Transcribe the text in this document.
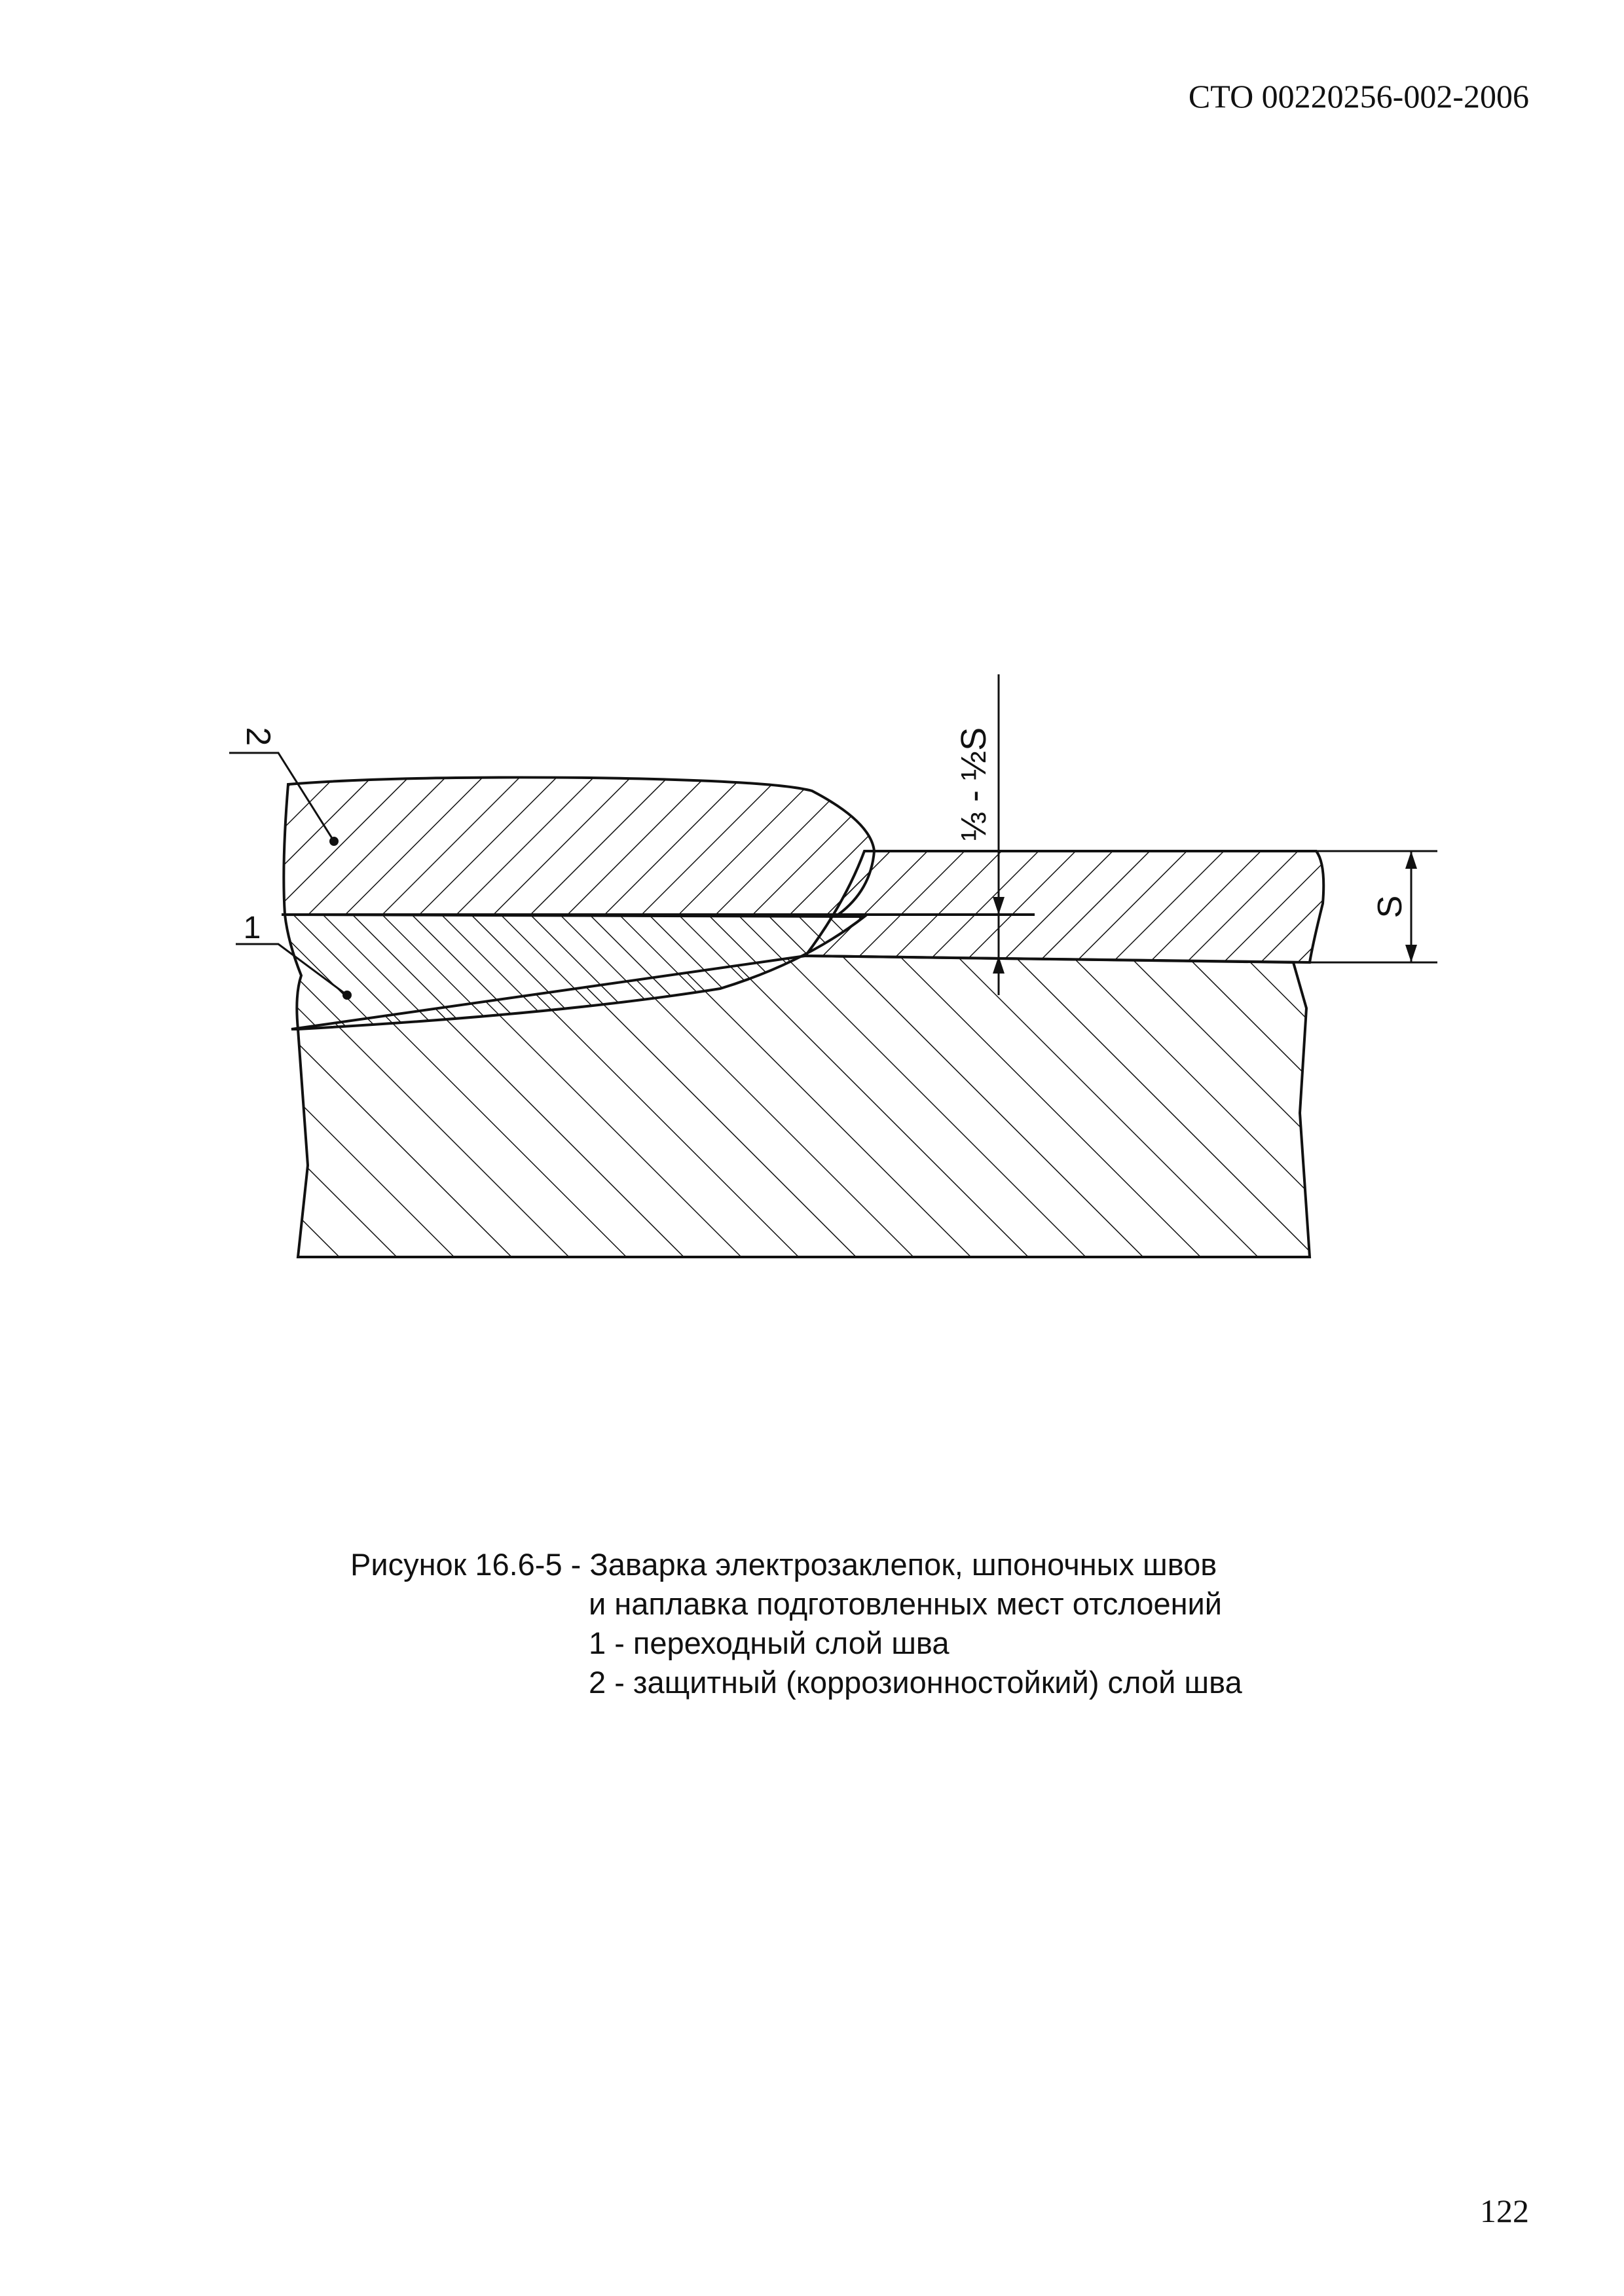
СТО 00220256-002-2006
2
1
⅓ - ½S
S
Рисунок 16.6-5 - Заварка электрозаклепок, шпоночных швов
и наплавка подготовленных мест отслоений
1 - переходный слой шва
2 - защитный (коррозионностойкий) слой шва
122
